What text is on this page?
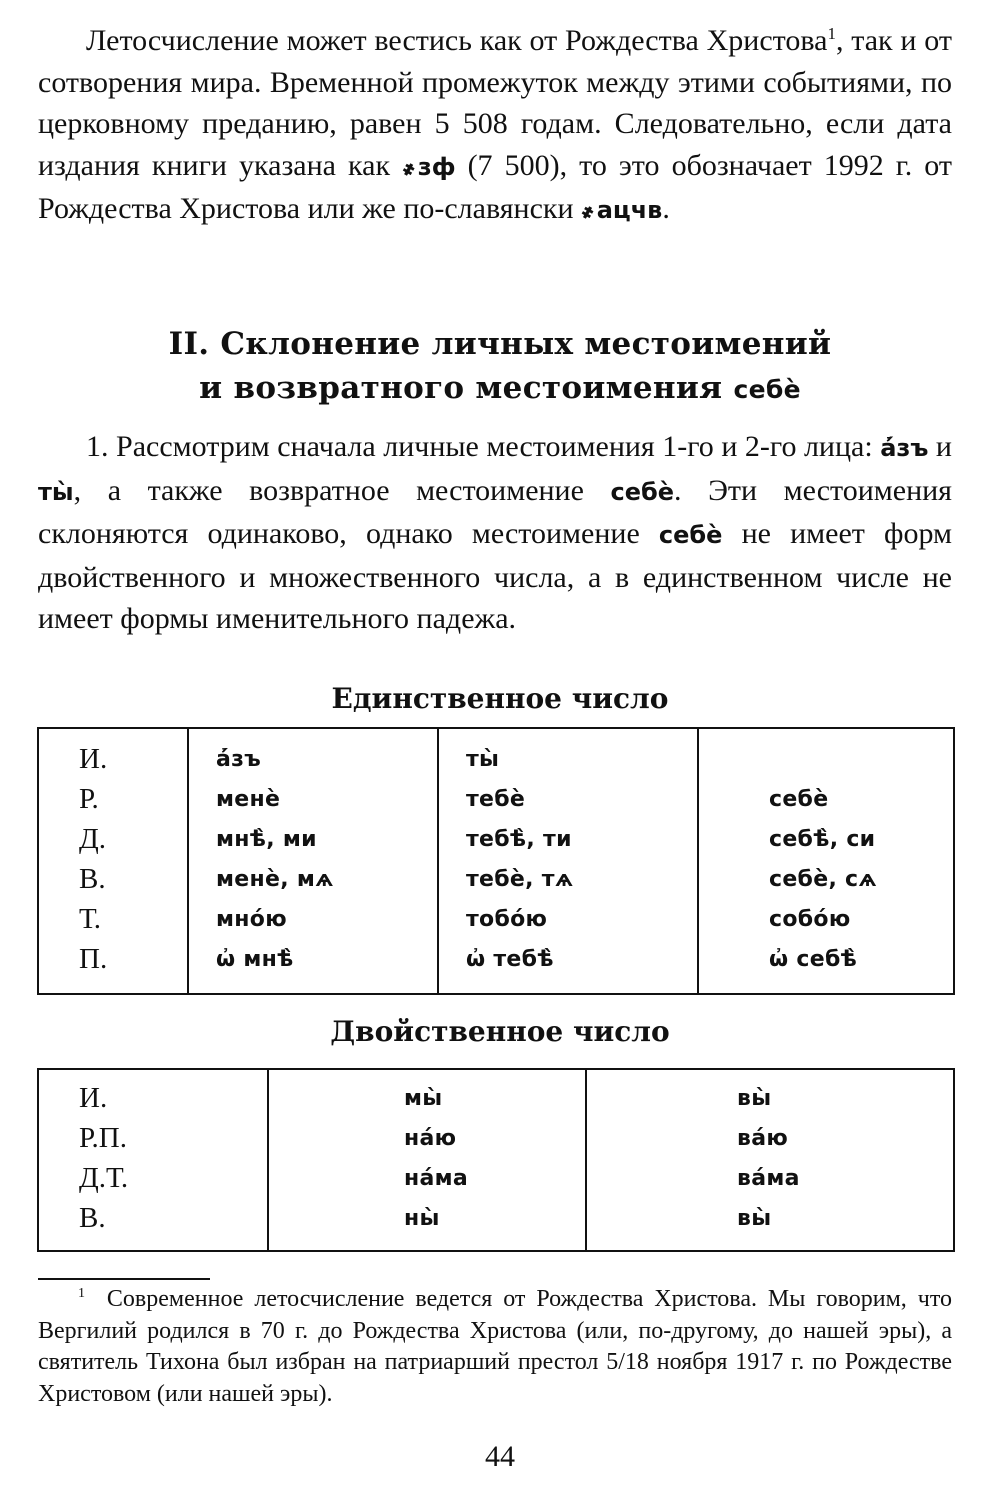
Летосчисление может вестись как от Рождества Христова$^1$, так и от сотворения мира. Временной промежуток между этими событиями, по церковному преданию, равен 5 508 годам. Следовательно, если дата издания книги указана как ҂зф (7 500), то это обозначает 1992 г. от Рождества Христова или же по-славянски ҂ацчв.

II. Склонение личных местоимений
и возвратного местоимения себѐ

1. Рассмотрим сначала личные местоимения 1-го и 2-го лица: а҆́зъ и ты̀, а также возвратное местоимение себѐ. Эти местоимения склоняются одинаково, однако местоимение себѐ не имеет форм двойственного и множественного числа, а в единственном числе не имеет формы именительного падежа.

Единственное число

И.	а҆́зъ	ты̀	
Р.	менѐ	тебѐ	себѐ
Д.	мнѣ̀, ми	тебѣ̀, ти	себѣ̀, си
В.	менѐ, мѧ	тебѐ, тѧ	себѐ, сѧ
Т.	мно́ю	тобо́ю	собо́ю
П.	ѡ҆ мнѣ̀	ѡ҆ тебѣ̀	ѡ҆ себѣ̀

Двойственное число

И.	мы̀	вы̀
Р.П.	на́ю	ва́ю
Д.Т.	на́ма	ва́ма
В.	ны̀	вы̀

$^1$ Современное летосчисление ведется от Рождества Христова. Мы говорим, что Вергилий родился в 70 г. до Рождества Христова (или, по-другому, до нашей эры), а святитель Тихона был избран на патриарший престол 5/18 ноября 1917 г. по Рождестве Христовом (или нашей эры).

44
